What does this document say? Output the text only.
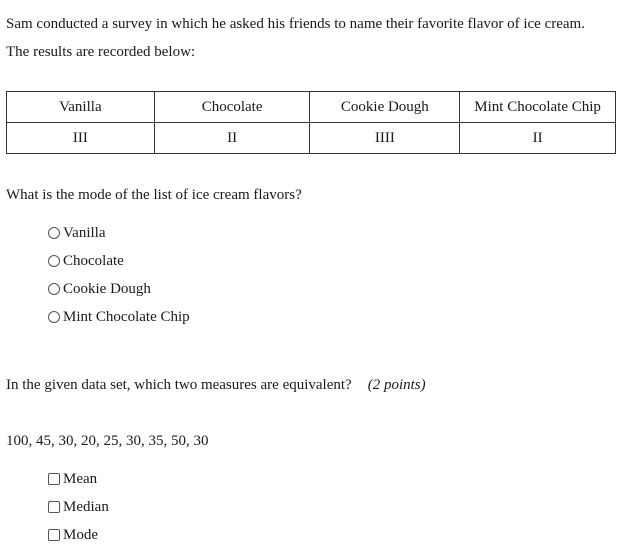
Sam conducted a survey in which he asked his friends to name their favorite flavor of ice cream.
The results are recorded below:
Vanilla	Chocolate	Cookie Dough	Mint Chocolate Chip
III	II	IIII	II

What is the mode of the list of ice cream flavors?

Vanilla
Chocolate
Cookie Dough
Mint Chocolate Chip

In the given data set, which two measures are equivalent? (2 points)

100, 45, 30, 20, 25, 30, 35, 50, 30

Mean
Median
Mode
